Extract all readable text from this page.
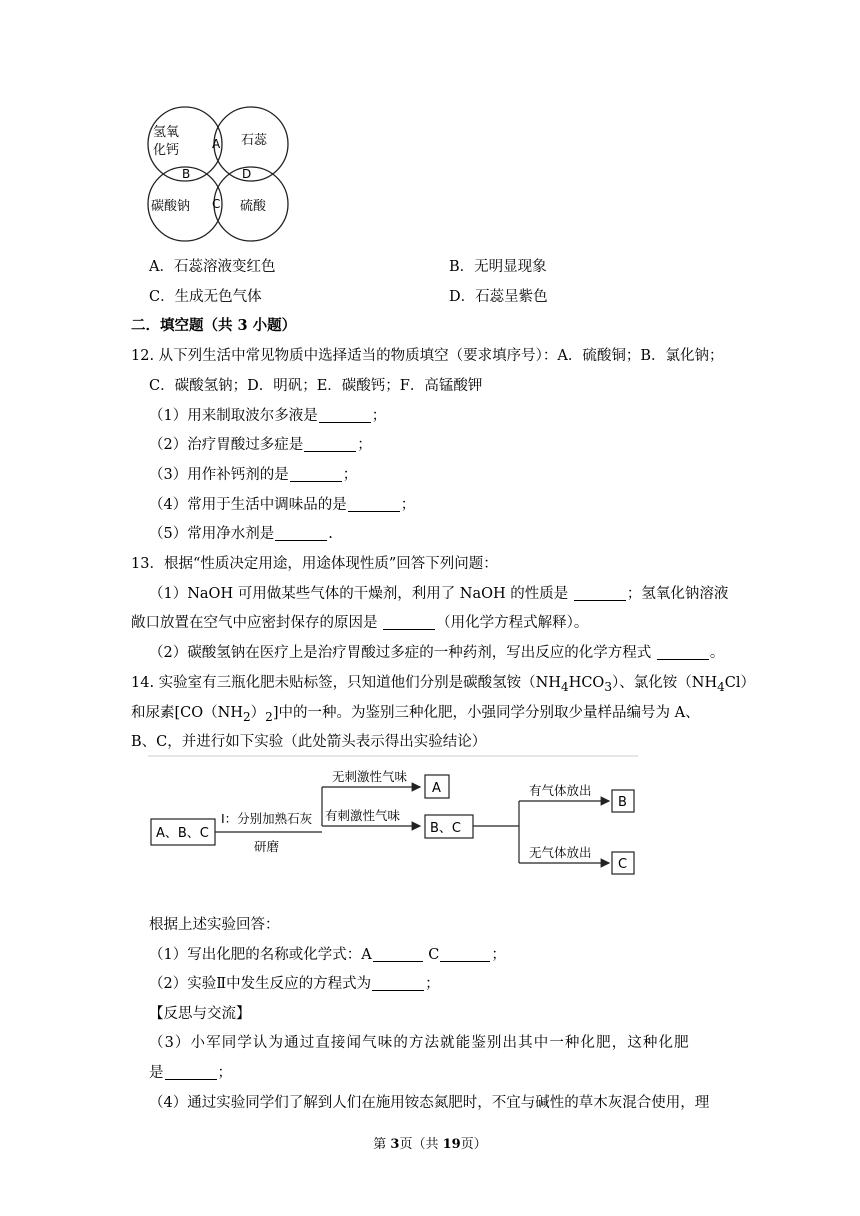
氢氧
化钙
石蕊
碳酸钠	硫酸
A
B
C
D
A．石蕊溶液变红色	B．无明显现象
C．生成无色气体	D．石蕊呈紫色
二．填空题（共 3 小题）
12. 从下列生活中常见物质中选择适当的物质填空（要求填序号）：A．硫酸铜；B．氯化钠；
C．碳酸氢钠；D．明矾；E．碳酸钙；F．高锰酸钾
（1）用来制取波尔多液是	；
（2）治疗胃酸过多症是	；
（3）用作补钙剂的是	；
（4）常用于生活中调味品的是	；
（5）常用净水剂是	.
13．根据“性质决定用途，用途体现性质”回答下列问题：
（1）NaOH 可用做某些气体的干燥剂，利用了 NaOH 的性质是	；氢氧化钠溶液
敞口放置在空气中应密封保存的原因是	（用化学方程式解释）。
（2）碳酸氢钠在医疗上是治疗胃酸过多症的一种药剂，写出反应的化学方程式	。
14. 实验室有三瓶化肥未贴标签，只知道他们分别是碳酸氢铵$(NH_4HCO_3)$、氯化铵$(NH_4Cl)$
和尿素$[CO(NH_2)_2]$中的一种。为鉴别三种化肥，小强同学分别取少量样品编号为 A、
B、C，并进行如下实验（此处箭头表示得出实验结论）
A、B、C
I：分别加熟石灰
研磨
无刺激性气味
有刺激性气味
A
B、C
有气体放出
无气体放出
B
C
根据上述实验回答：
（1）写出化肥的名称或化学式：A	C	；
（2）实验Ⅱ中发生反应的方程式为	；
【反思与交流】
（3）小军同学认为通过直接闻气味的方法就能鉴别出其中一种化肥，这种化肥
是	；
（4）通过实验同学们了解到人们在施用铵态氮肥时，不宜与碱性的草木灰混合使用，理
第 3页（共 19页）
